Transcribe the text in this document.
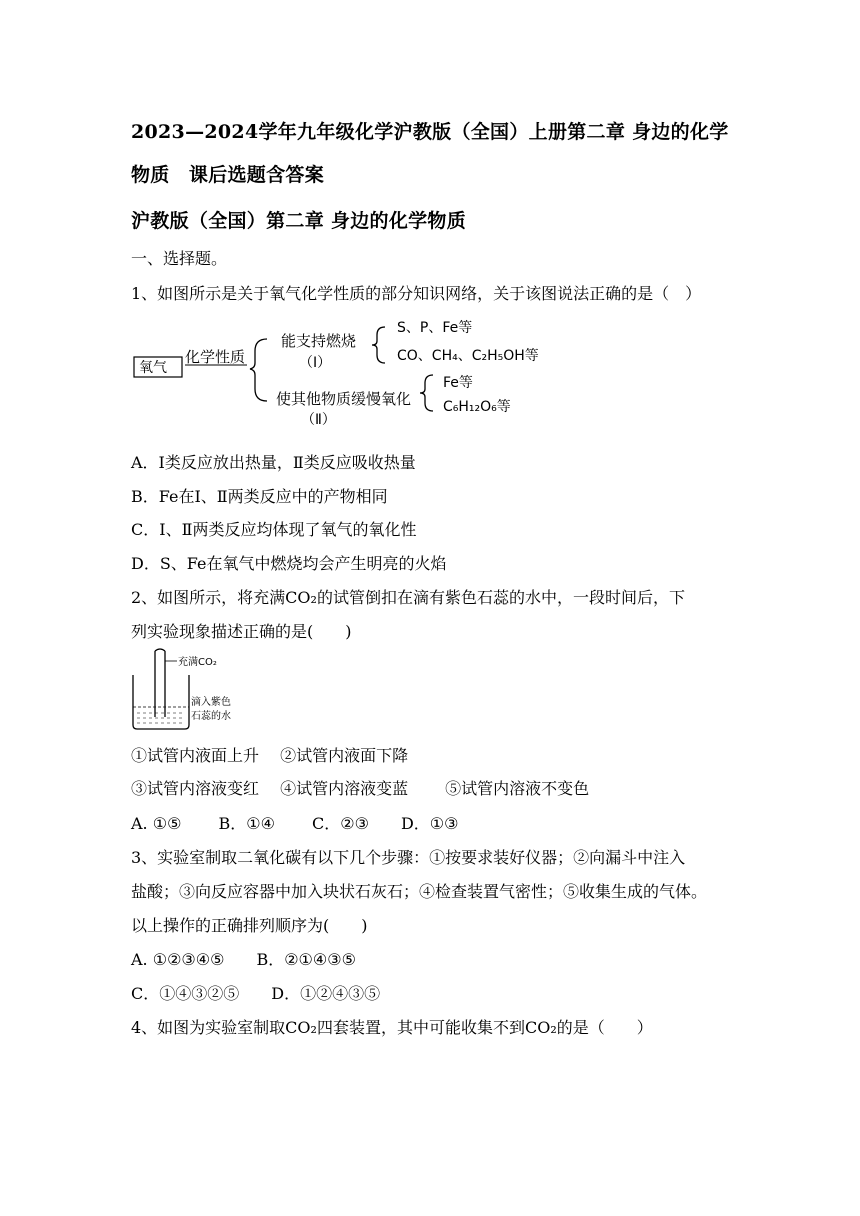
2023—2024学年九年级化学沪教版（全国）上册第二章 身边的化学
物质　课后选题含答案
沪教版（全国）第二章 身边的化学物质
一、选择题。
1、如图所示是关于氧气化学性质的部分知识网络，关于该图说法正确的是（　）
氧气
化学性质
能支持燃烧
（Ⅰ）
S、P、Fe等
CO、CH₄、C₂H₅OH等
使其他物质缓慢氧化
（Ⅱ）
Fe等
C₆H₁₂O₆等
A．Ⅰ类反应放出热量，Ⅱ类反应吸收热量
B．Fe在Ⅰ、Ⅱ两类反应中的产物相同
C．Ⅰ、Ⅱ两类反应均体现了氧气的氧化性
D．S、Fe在氧气中燃烧均会产生明亮的火焰
2、如图所示，将充满CO₂的试管倒扣在滴有紫色石蕊的水中，一段时间后，下
列实验现象描述正确的是(　　)
充满CO₂
滴入紫色
石蕊的水
①试管内液面上升　 ②试管内液面下降
③试管内溶液变红　 ④试管内溶液变蓝　　 ⑤试管内溶液不变色
A. ①⑤　　 B．①④　　 C．②③　　D．①③
3、实验室制取二氧化碳有以下几个步骤：①按要求装好仪器；②向漏斗中注入
盐酸；③向反应容器中加入块状石灰石；④检查装置气密性；⑤收集生成的气体。
以上操作的正确排列顺序为(　　)
A. ①②③④⑤　　B．②①④③⑤
C．①④③②⑤　　D．①②④③⑤
4、如图为实验室制取CO₂四套装置，其中可能收集不到CO₂的是（　　）
